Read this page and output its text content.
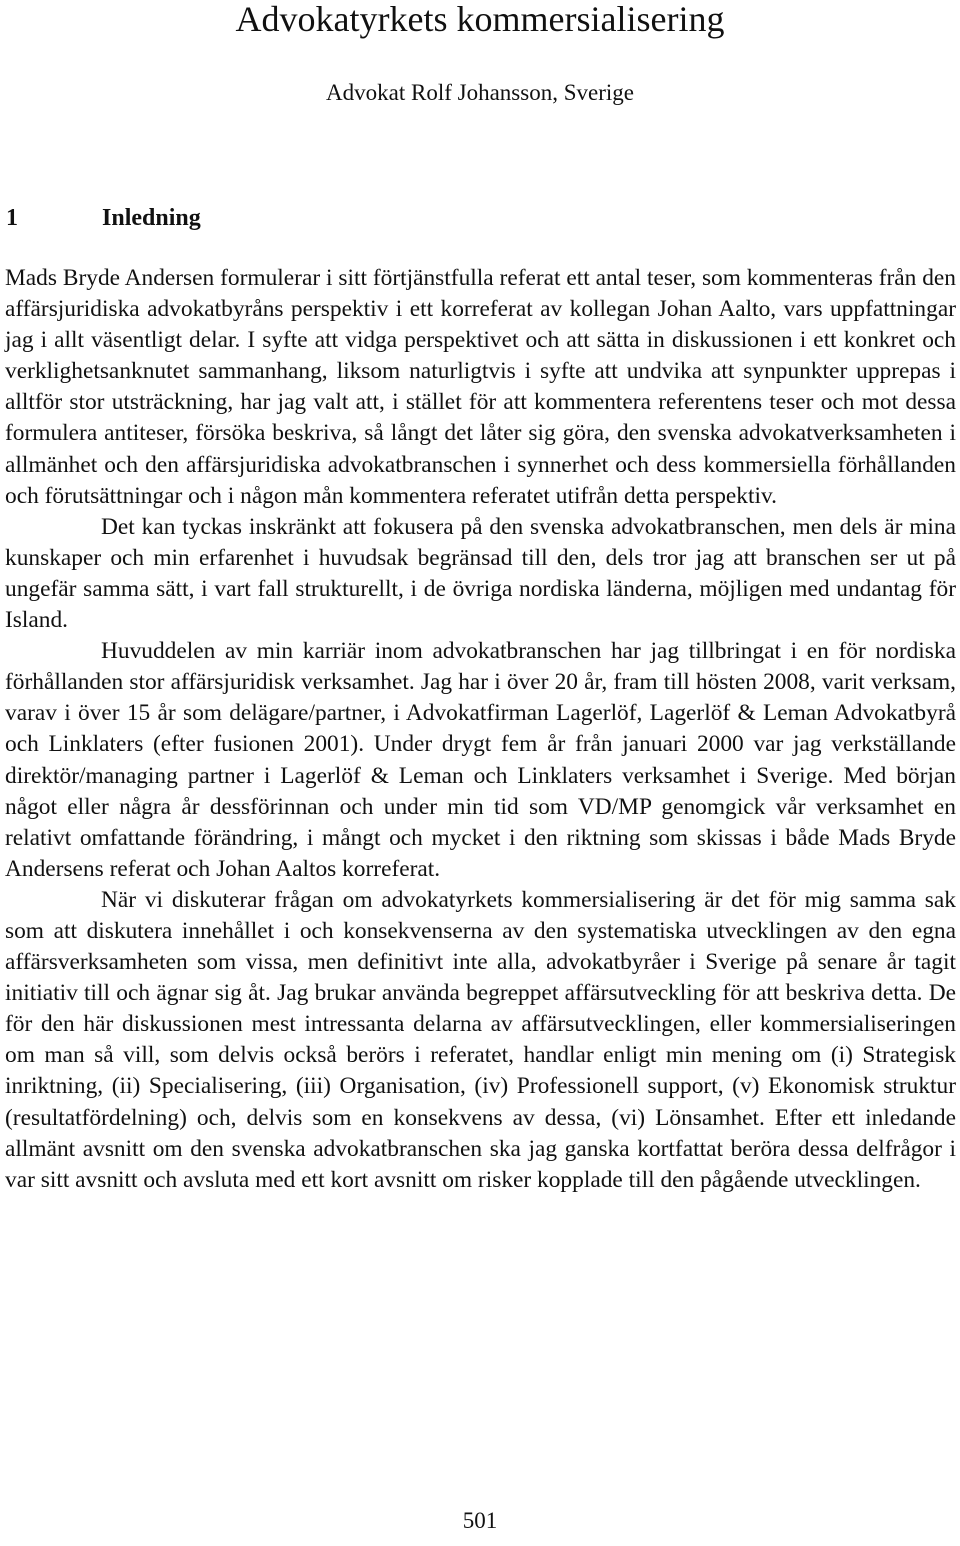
Advokatyrkets kommersialisering

Advokat Rolf Johansson, Sverige

1	Inledning

Mads Bryde Andersen formulerar i sitt förtjänstfulla referat ett antal teser, som kommenteras från den affärsjuridiska advokatbyråns perspektiv i ett korreferat av kollegan Johan Aalto, vars uppfattningar jag i allt väsentligt delar. I syfte att vidga perspektivet och att sätta in diskussionen i ett konkret och verklighetsanknutet sammanhang, liksom naturligtvis i syfte att undvika att synpunkter upprepas i alltför stor utsträckning, har jag valt att, i stället för att kommentera referentens teser och mot dessa formulera antiteser, försöka beskriva, så långt det låter sig göra, den svenska advokatverksamheten i allmänhet och den affärsjuridiska advokatbranschen i synnerhet och dess kommersiella förhållanden och förutsättningar och i någon mån kommentera referatet utifrån detta perspektiv.

Det kan tyckas inskränkt att fokusera på den svenska advokatbranschen, men dels är mina kunskaper och min erfarenhet i huvudsak begränsad till den, dels tror jag att branschen ser ut på ungefär samma sätt, i vart fall strukturellt, i de övriga nordiska länderna, möjligen med undantag för Island.

Huvuddelen av min karriär inom advokatbranschen har jag tillbringat i en för nordiska förhållanden stor affärsjuridisk verksamhet. Jag har i över 20 år, fram till hösten 2008, varit verksam, varav i över 15 år som delägare/partner, i Advokatfirman Lagerlöf, Lagerlöf & Leman Advokatbyrå och Linklaters (efter fusionen 2001). Under drygt fem år från januari 2000 var jag verkställande direktör/managing partner i Lagerlöf & Leman och Linklaters verksamhet i Sverige. Med början något eller några år dessförinnan och under min tid som VD/MP genomgick vår verksamhet en relativt omfattande förändring, i mångt och mycket i den riktning som skissas i både Mads Bryde Andersens referat och Johan Aaltos korreferat.

När vi diskuterar frågan om advokatyrkets kommersialisering är det för mig samma sak som att diskutera innehållet i och konsekvenserna av den systematiska utvecklingen av den egna affärsverksamheten som vissa, men definitivt inte alla, advokatbyråer i Sverige på senare år tagit initiativ till och ägnar sig åt. Jag brukar använda begreppet affärsutveckling för att beskriva detta. De för den här diskussionen mest intressanta delarna av affärsutvecklingen, eller kommersialiseringen om man så vill, som delvis också berörs i referatet, handlar enligt min mening om (i) Strategisk inriktning, (ii) Specialisering, (iii) Organisation, (iv) Professionell support, (v) Ekonomisk struktur (resultatfördelning) och, delvis som en konsekvens av dessa, (vi) Lönsamhet. Efter ett inledande allmänt avsnitt om den svenska advokatbranschen ska jag ganska kortfattat beröra dessa delfrågor i var sitt avsnitt och avsluta med ett kort avsnitt om risker kopplade till den pågående utvecklingen.

501
